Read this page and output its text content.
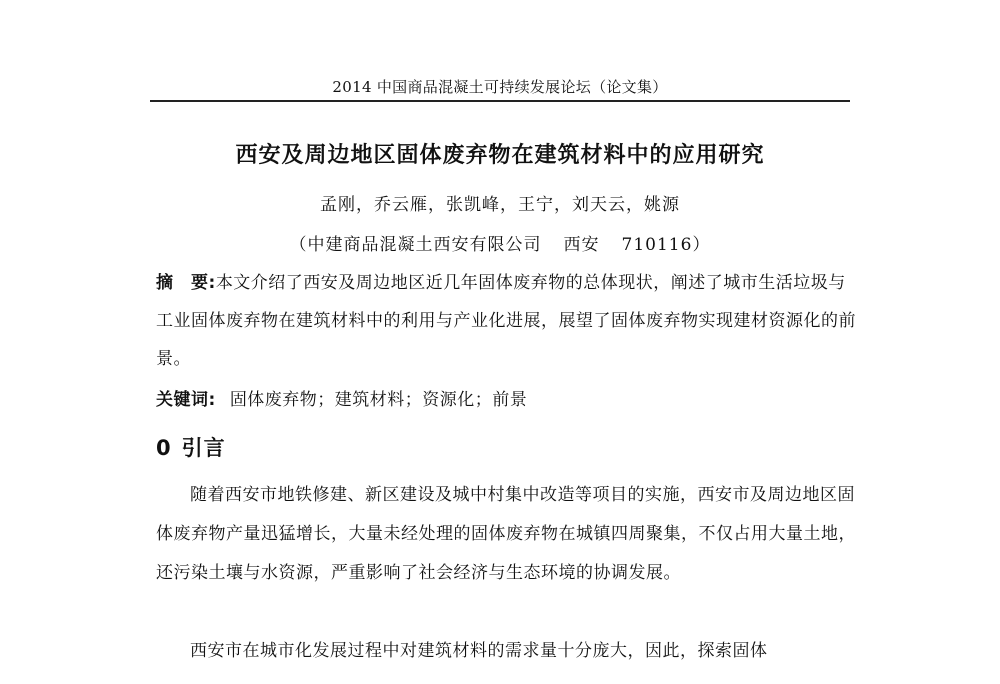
2014 中国商品混凝土可持续发展论坛（论文集）
西安及周边地区固体废弃物在建筑材料中的应用研究
孟刚，乔云雁，张凯峰，王宁，刘天云，姚源
（中建商品混凝土西安有限公司 西安 710116）
摘　要:本文介绍了西安及周边地区近几年固体废弃物的总体现状，阐述了城市生活垃圾与工业固体废弃物在建筑材料中的利用与产业化进展，展望了固体废弃物实现建材资源化的前景。
关键词: 固体废弃物；建筑材料；资源化；前景
0 引言
随着西安市地铁修建、新区建设及城中村集中改造等项目的实施，西安市及周边地区固体废弃物产量迅猛增长，大量未经处理的固体废弃物在城镇四周聚集，不仅占用大量土地，还污染土壤与水资源，严重影响了社会经济与生态环境的协调发展。
西安市在城市化发展过程中对建筑材料的需求量十分庞大，因此，探索固体
